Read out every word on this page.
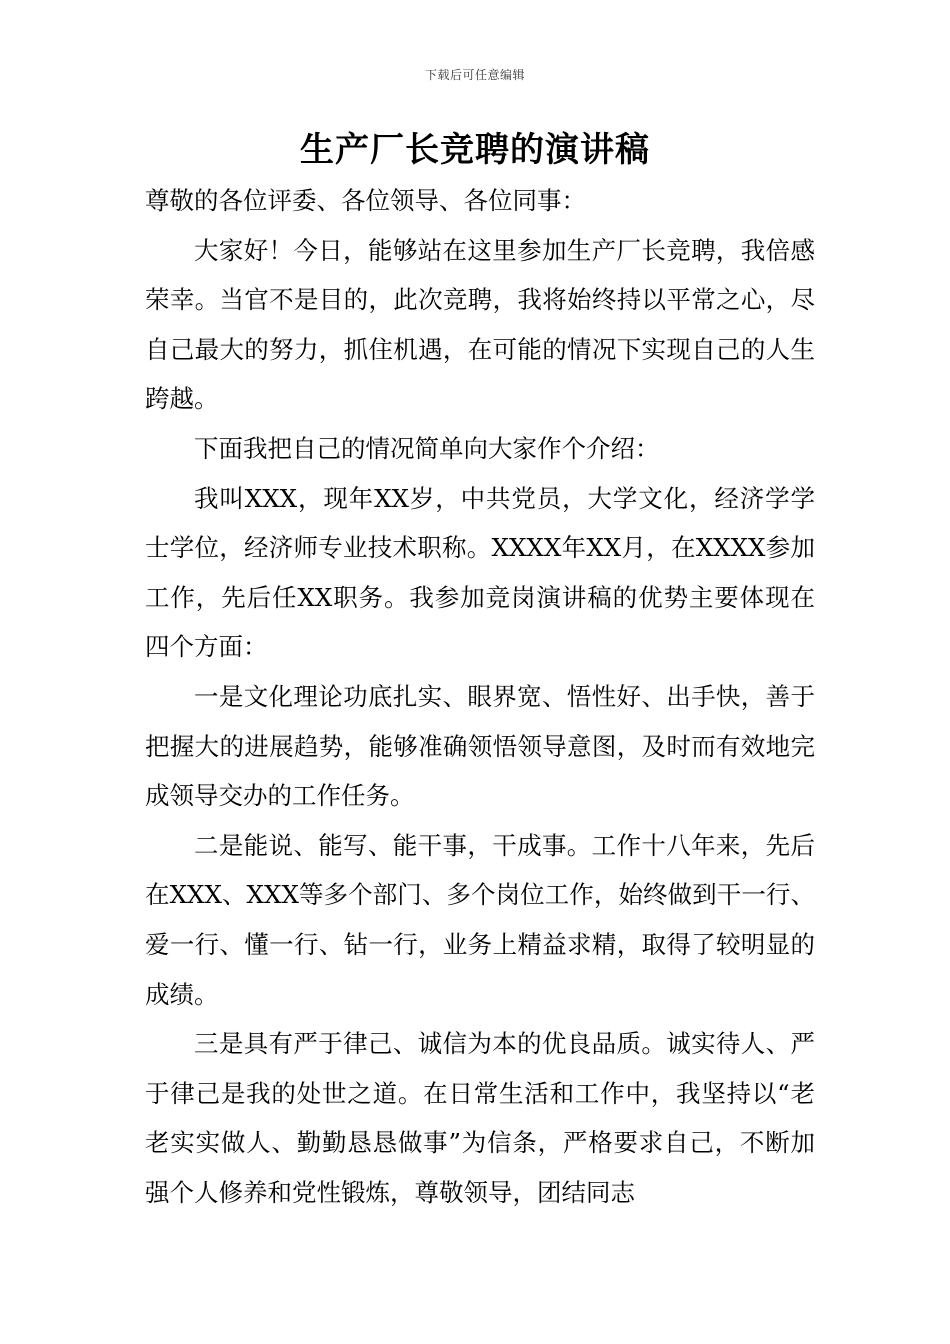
下载后可任意编辑
生产厂长竞聘的演讲稿

尊敬的各位评委、各位领导、各位同事：

大家好！今日，能够站在这里参加生产厂长竞聘，我倍感荣幸。当官不是目的，此次竞聘，我将始终持以平常之心，尽自己最大的努力，抓住机遇，在可能的情况下实现自己的人生跨越。

下面我把自己的情况简单向大家作个介绍：

我叫XXX，现年XX岁，中共党员，大学文化，经济学学士学位，经济师专业技术职称。XXXX年XX月，在XXXX参加工作，先后任XX职务。我参加竞岗演讲稿的优势主要体现在四个方面：

一是文化理论功底扎实、眼界宽、悟性好、出手快，善于把握大的进展趋势，能够准确领悟领导意图，及时而有效地完成领导交办的工作任务。

二是能说、能写、能干事，干成事。工作十八年来，先后在XXX、XXX等多个部门、多个岗位工作，始终做到干一行、爱一行、懂一行、钻一行，业务上精益求精，取得了较明显的成绩。

三是具有严于律己、诚信为本的优良品质。诚实待人、严于律己是我的处世之道。在日常生活和工作中，我坚持以“老老实实做人、勤勤恳恳做事”为信条，严格要求自己，不断加强个人修养和党性锻炼，尊敬领导，团结同志
